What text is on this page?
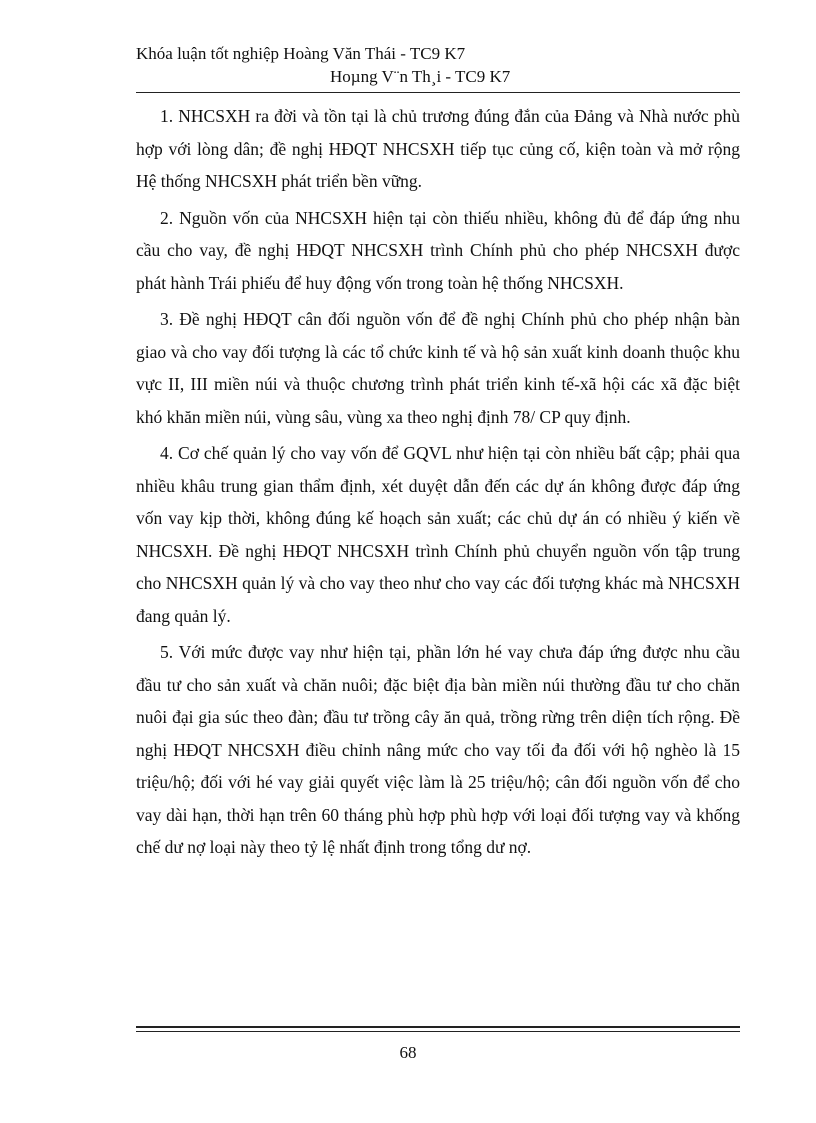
Khóa luận tốt nghiệp Hoàng Văn Thái - TC9 K7
Hoµng V¨n Th¸i - TC9 K7

1. NHCSXH ra đời và tồn tại là chủ trương đúng đắn của Đảng và Nhà nước phù hợp với lòng dân; đề nghị HĐQT NHCSXH tiếp tục củng cố, kiện toàn và mở rộng Hệ thống NHCSXH phát triển bền vững.

2. Nguồn vốn của NHCSXH hiện tại còn thiếu nhiều, không đủ để đáp ứng nhu cầu cho vay, đề nghị HĐQT NHCSXH trình Chính phủ cho phép NHCSXH được phát hành Trái phiếu để huy động vốn trong toàn hệ thống NHCSXH.

3. Đề nghị HĐQT cân đối nguồn vốn để đề nghị Chính phủ cho phép nhận bàn giao và cho vay đối tượng là các tổ chức kinh tế và hộ sản xuất kinh doanh thuộc khu vực II, III miền núi và thuộc chương trình phát triển kinh tế-xã hội các xã đặc biệt khó khăn miền núi, vùng sâu, vùng xa theo nghị định 78/ CP quy định.

4. Cơ chế quản lý cho vay vốn để GQVL như hiện tại còn nhiều bất cập; phải qua nhiều khâu trung gian thẩm định, xét duyệt dẫn đến các dự án không được đáp ứng vốn vay kịp thời, không đúng kế hoạch sản xuất; các chủ dự án có nhiều ý kiến về NHCSXH. Đề nghị HĐQT NHCSXH trình Chính phủ chuyển nguồn vốn tập trung cho NHCSXH quản lý và cho vay theo như cho vay các đối tượng khác mà NHCSXH đang quản lý.

5. Với mức được vay như hiện tại, phần lớn hé vay chưa đáp ứng được nhu cầu đầu tư cho sản xuất và chăn nuôi; đặc biệt địa bàn miền núi thường đầu tư cho chăn nuôi đại gia súc theo đàn; đầu tư trồng cây ăn quả, trồng rừng trên diện tích rộng. Đề nghị HĐQT NHCSXH điều chỉnh nâng mức cho vay tối đa đối với hộ nghèo là 15 triệu/hộ; đối với hé vay giải quyết việc làm là 25 triệu/hộ; cân đối nguồn vốn để cho vay dài hạn, thời hạn trên 60 tháng phù hợp phù hợp với loại đối tượng vay và khống chế dư nợ loại này theo tỷ lệ nhất định trong tổng dư nợ.

68
